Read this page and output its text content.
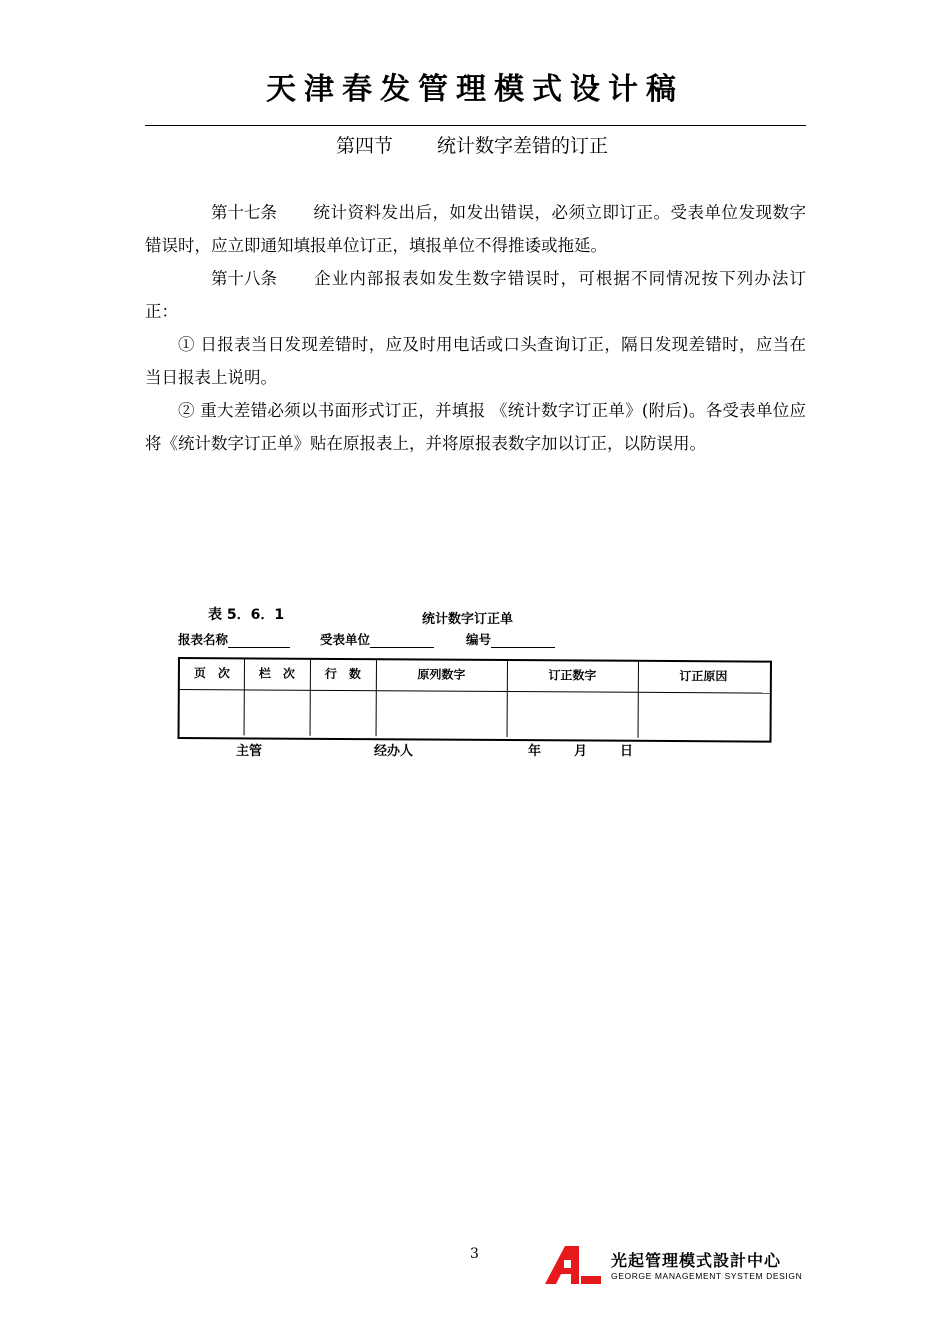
天津春发管理模式设计稿
第四节 统计数字差错的订正

第十七条 统计资料发出后，如发出错误，必须立即订正。受表单位发现数字错误时，应立即通知填报单位订正，填报单位不得推诿或拖延。

第十八条 企业内部报表如发生数字错误时，可根据不同情况按下列办法订正：

① 日报表当日发现差错时，应及时用电话或口头查询订正，隔日发现差错时，应当在当日报表上说明。

② 重大差错必须以书面形式订正，并填报 《统计数字订正单》(附后)。各受表单位应将《统计数字订正单》贴在原报表上，并将原报表数字加以订正，以防误用。

表 5．6．1	统计数字订正单
报表名称	受表单位	编号
页　次	栏　次	行　数	原列数字	订正数字	订正原因
主管	经办人	年	月	日
3	光起管理模式設計中心
GEORGE MANAGEMENT SYSTEM DESIGN
